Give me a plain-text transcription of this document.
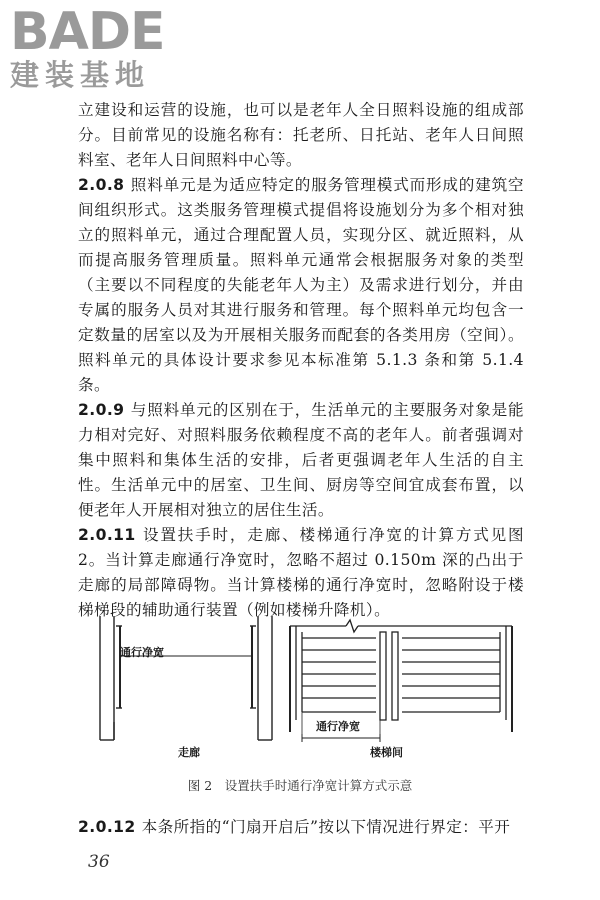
BADE
建装基地

立建设和运营的设施，也可以是老年人全日照料设施的组成部分。目前常见的设施名称有：托老所、日托站、老年人日间照料室、老年人日间照料中心等。

2.0.8 照料单元是为适应特定的服务管理模式而形成的建筑空间组织形式。这类服务管理模式提倡将设施划分为多个相对独立的照料单元，通过合理配置人员，实现分区、就近照料，从而提高服务管理质量。照料单元通常会根据服务对象的类型（主要以不同程度的失能老年人为主）及需求进行划分，并由专属的服务人员对其进行服务和管理。每个照料单元均包含一定数量的居室以及为开展相关服务而配套的各类用房（空间）。照料单元的具体设计要求参见本标准第 5.1.3 条和第 5.1.4 条。

2.0.9 与照料单元的区别在于，生活单元的主要服务对象是能力相对完好、对照料服务依赖程度不高的老年人。前者强调对集中照料和集体生活的安排，后者更强调老年人生活的自主性。生活单元中的居室、卫生间、厨房等空间宜成套布置，以便老年人开展相对独立的居住生活。

2.0.11 设置扶手时，走廊、楼梯通行净宽的计算方式见图 2。当计算走廊通行净宽时，忽略不超过 0.150m 深的凸出于走廊的局部障碍物。当计算楼梯的通行净宽时，忽略附设于楼梯梯段的辅助通行装置（例如楼梯升降机）。

通行净宽
走廊
通行净宽
楼梯间
图 2　设置扶手时通行净宽计算方式示意

2.0.12 本条所指的“门扇开启后”按以下情况进行界定：平开

36
